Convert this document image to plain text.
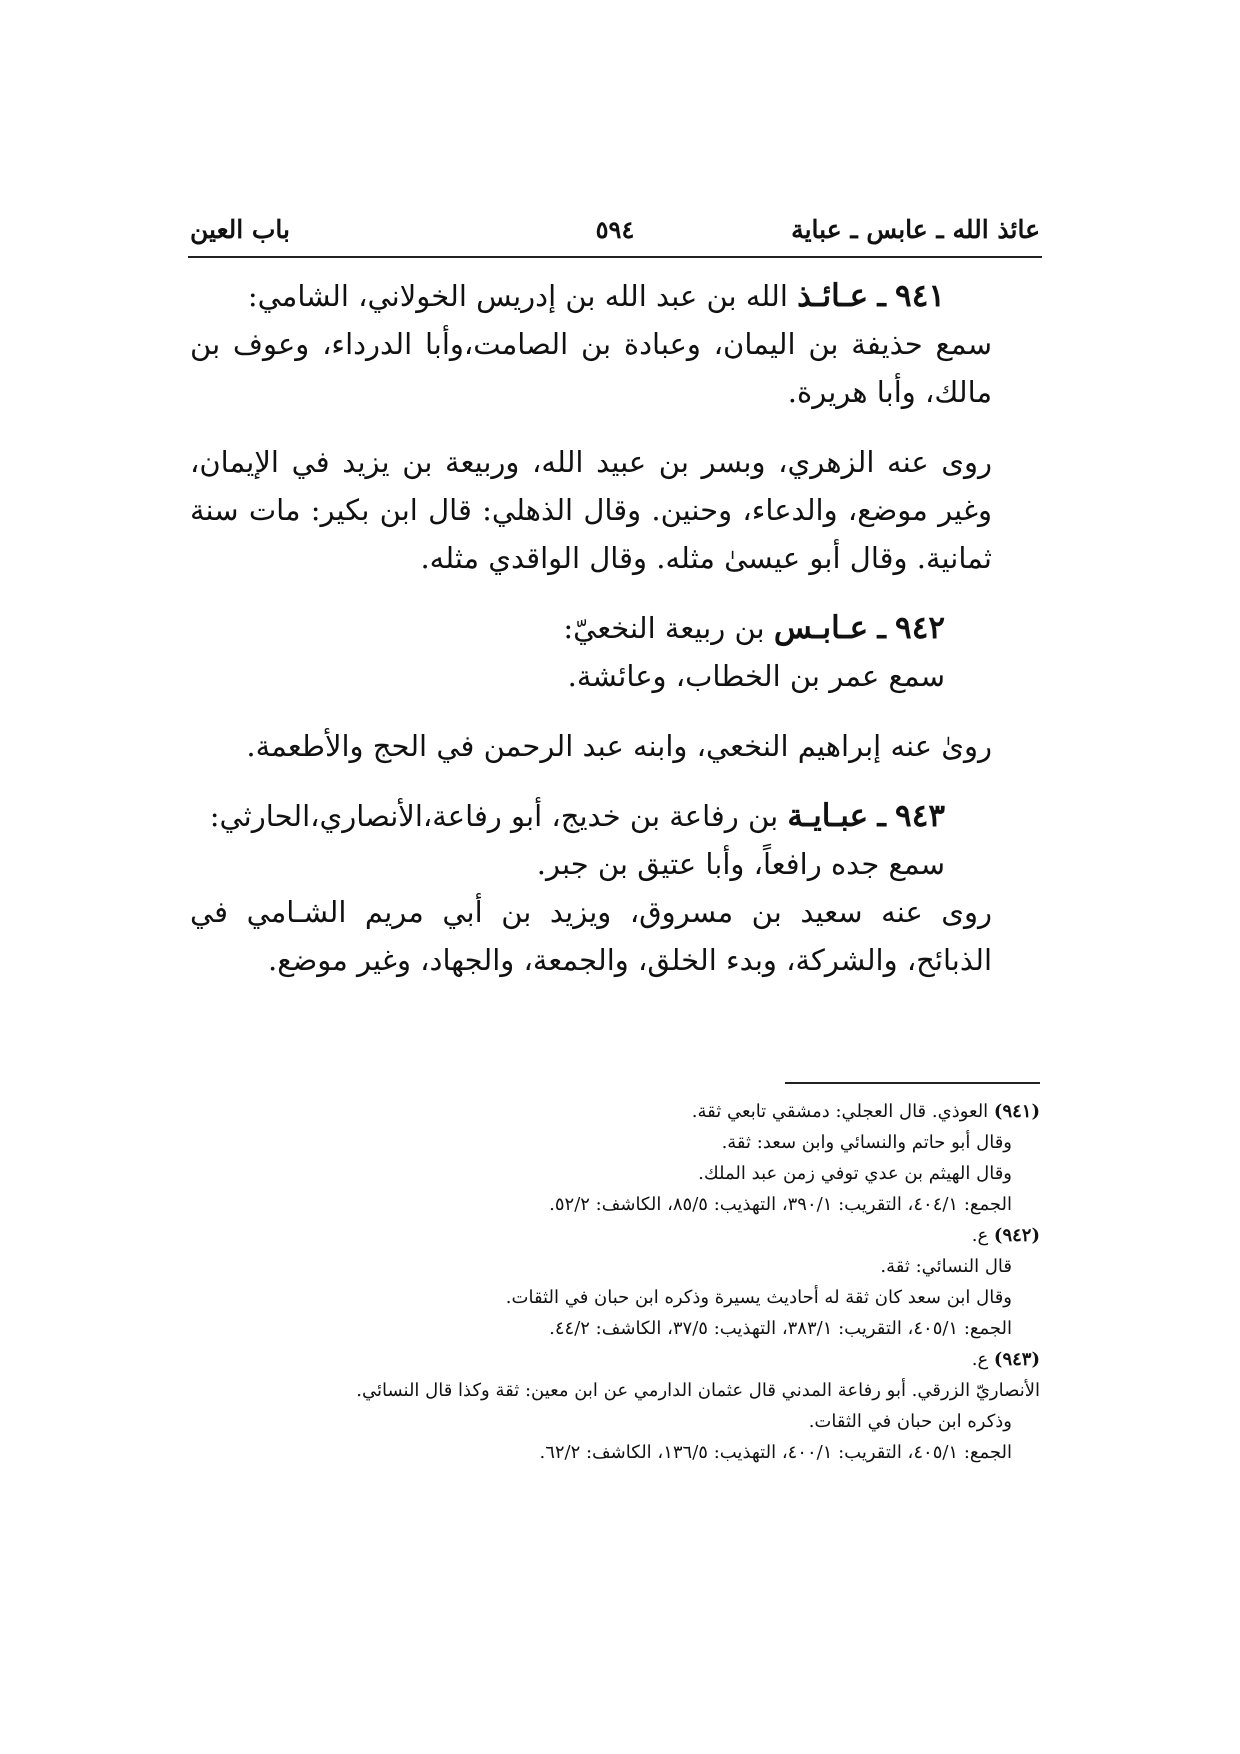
عائذ الله ـ عابس ـ عباية
٥٩٤
باب العين
٩٤١ ـ عـائـذ الله بن عبد الله بن إدريس الخولاني، الشامي:
سمع حذيفة بن اليمان، وعبادة بن الصامت،وأبا الدرداء، وعوف بن مالك، وأبا هريرة.
روى عنه الزهري، وبسر بن عبيد الله، وربيعة بن يزيد في الإيمان، وغير موضع، والدعاء، وحنين. وقال الذهلي: قال ابن بكير: مات سنة ثمانية. وقال أبو عيسىٰ مثله. وقال الواقدي مثله.
٩٤٢ ـ عـابـس بن ربيعة النخعيّ:
سمع عمر بن الخطاب، وعائشة.
رویٰ عنه إبراهيم النخعي، وابنه عبد الرحمن في الحج والأطعمة.
٩٤٣ ـ عبـايـة بن رفاعة بن خديج، أبو رفاعة،الأنصاري،الحارثي:
سمع جده رافعاً، وأبا عتيق بن جبر.
روى عنه سعيد بن مسروق، ويزيد بن أبي مريم الشـامي في الذبائح، والشركة، وبدء الخلق، والجمعة، والجهاد، وغير موضع.
(٩٤١) العوذي. قال العجلي: دمشقي تابعي ثقة.
وقال أبو حاتم والنسائي وابن سعد: ثقة.
وقال الهيثم بن عدي توفي زمن عبد الملك.
الجمع: ٤٠٤/١، التقريب: ٣٩٠/١، التهذيب: ٨٥/٥، الكاشف: ٥٢/٢.
(٩٤٢) ع.
قال النسائي: ثقة.
وقال ابن سعد كان ثقة له أحاديث يسيرة وذكره ابن حبان في الثقات.
الجمع: ٤٠٥/١، التقريب: ٣٨٣/١، التهذيب: ٣٧/٥، الكاشف: ٤٤/٢.
(٩٤٣) ع.
الأنصاريّ الزرقي. أبو رفاعة المدني قال عثمان الدارمي عن ابن معين: ثقة وكذا قال النسائي.
وذكره ابن حبان في الثقات.
الجمع: ٤٠٥/١، التقريب: ٤٠٠/١، التهذيب: ١٣٦/٥، الكاشف: ٦٢/٢.
